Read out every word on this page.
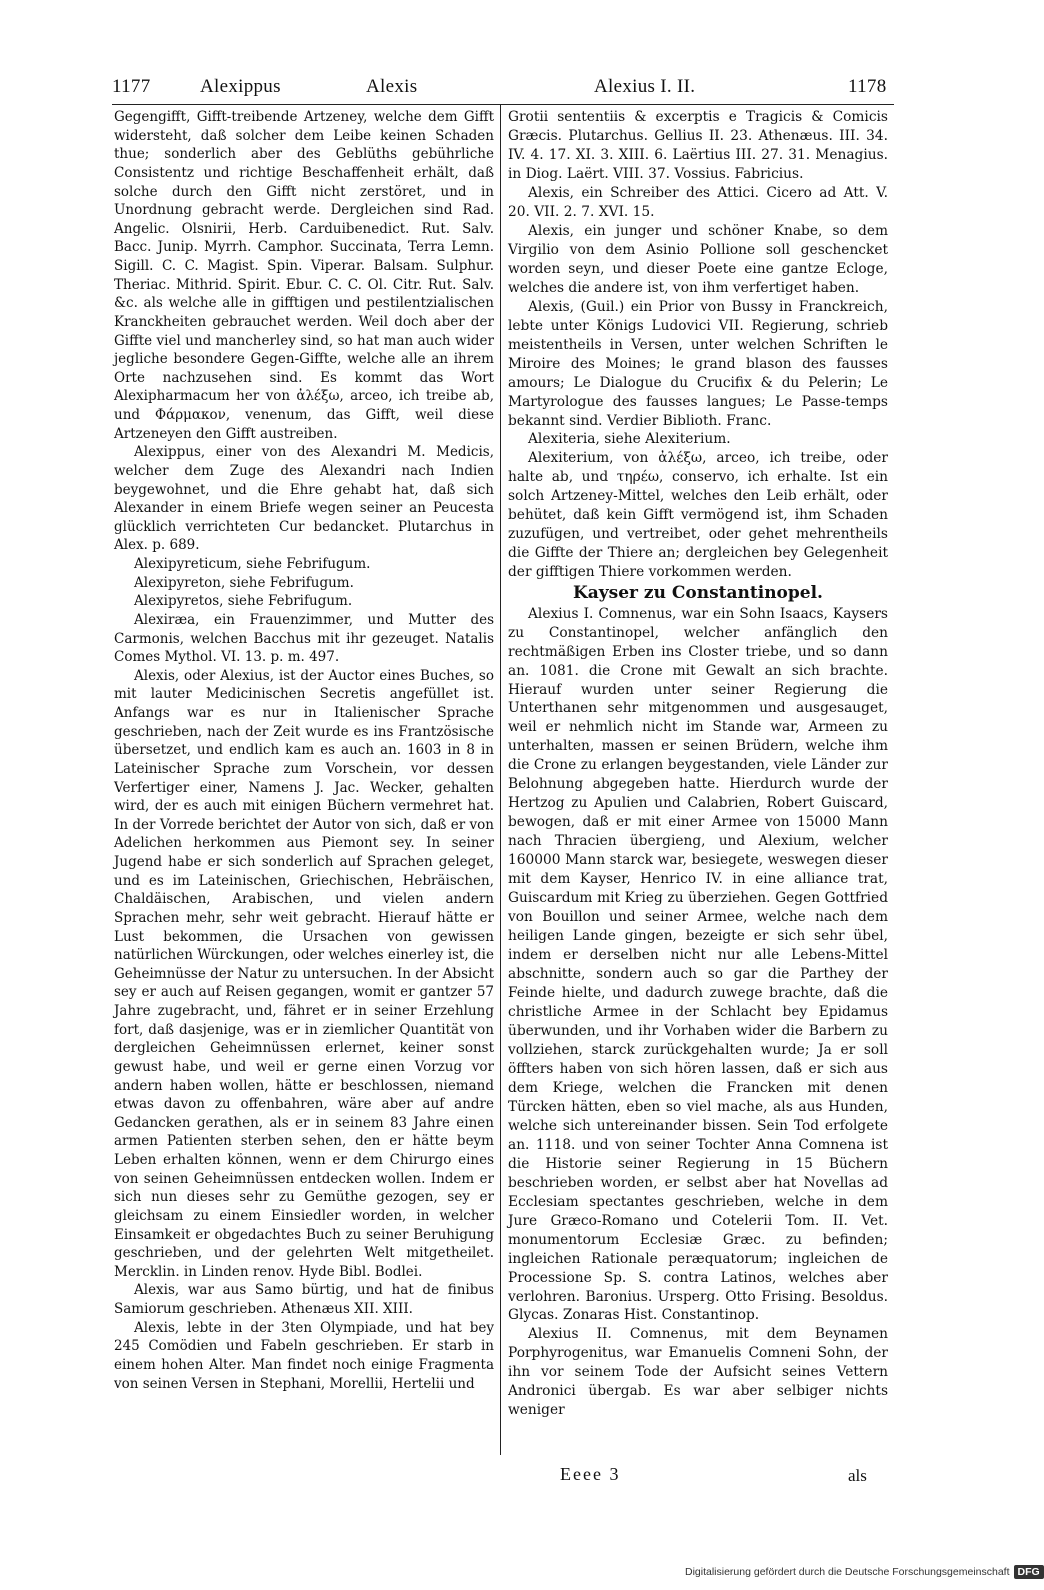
1177	Alexippus	Alexis	Alexius I. II.	1178

Gegengifft, Gifft-treibende Artzeney, welche dem Gifft widersteht, daß solcher dem Leibe keinen Schaden thue; sonderlich aber des Geblüths gebührliche Consistentz und richtige Beschaffenheit erhält, daß solche durch den Gifft nicht zerstöret, und in Unordnung gebracht werde. Dergleichen sind Rad. Angelic. Olsnirii, Herb. Carduibenedict. Rut. Salv. Bacc. Junip. Myrrh. Camphor. Succinata, Terra Lemn. Sigill. C. C. Magist. Spin. Viperar. Balsam. Sulphur. Theriac. Mithrid. Spirit. Ebur. C. C. Ol. Citr. Rut. Salv. &c. als welche alle in gifftigen und pestilentzialischen Kranckheiten gebrauchet werden. Weil doch aber der Giffte viel und mancherley sind, so hat man auch wider jegliche besondere Gegen-Giffte, welche alle an ihrem Orte nachzusehen sind. Es kommt das Wort Alexipharmacum her von ἀλέξω, arceo, ich treibe ab, und Φάρμακον, venenum, das Gifft, weil diese Artzeneyen den Gifft austreiben.

Alexippus, einer von des Alexandri M. Medicis, welcher dem Zuge des Alexandri nach Indien beygewohnet, und die Ehre gehabt hat, daß sich Alexander in einem Briefe wegen seiner an Peucesta glücklich verrichteten Cur bedancket. Plutarchus in Alex. p. 689.

Alexipyreticum, siehe Febrifugum.

Alexipyreton, siehe Febrifugum.

Alexipyretos, siehe Febrifugum.

Alexiræa, ein Frauenzimmer, und Mutter des Carmonis, welchen Bacchus mit ihr gezeuget. Natalis Comes Mythol. VI. 13. p. m. 497.

Alexis, oder Alexius, ist der Auctor eines Buches, so mit lauter Medicinischen Secretis angefüllet ist. Anfangs war es nur in Italienischer Sprache geschrieben, nach der Zeit wurde es ins Frantzösische übersetzet, und endlich kam es auch an. 1603 in 8 in Lateinischer Sprache zum Vorschein, vor dessen Verfertiger einer, Namens J. Jac. Wecker, gehalten wird, der es auch mit einigen Büchern vermehret hat. In der Vorrede berichtet der Autor von sich, daß er von Adelichen herkommen aus Piemont sey. In seiner Jugend habe er sich sonderlich auf Sprachen geleget, und es im Lateinischen, Griechischen, Hebräischen, Chaldäischen, Arabischen, und vielen andern Sprachen mehr, sehr weit gebracht. Hierauf hätte er Lust bekommen, die Ursachen von gewissen natürlichen Würckungen, oder welches einerley ist, die Geheimnüsse der Natur zu untersuchen. In der Absicht sey er auch auf Reisen gegangen, womit er gantzer 57 Jahre zugebracht, und, fähret er in seiner Erzehlung fort, daß dasjenige, was er in ziemlicher Quantität von dergleichen Geheimnüssen erlernet, keiner sonst gewust habe, und weil er gerne einen Vorzug vor andern haben wollen, hätte er beschlossen, niemand etwas davon zu offenbahren, wäre aber auf andre Gedancken gerathen, als er in seinem 83 Jahre einen armen Patienten sterben sehen, den er hätte beym Leben erhalten können, wenn er dem Chirurgo eines von seinen Geheimnüssen entdecken wollen. Indem er sich nun dieses sehr zu Gemüthe gezogen, sey er gleichsam zu einem Einsiedler worden, in welcher Einsamkeit er obgedachtes Buch zu seiner Beruhigung geschrieben, und der gelehrten Welt mitgetheilet. Mercklin. in Linden renov. Hyde Bibl. Bodlei.

Alexis, war aus Samo bürtig, und hat de finibus Samiorum geschrieben. Athenæus XII. XIII.

Alexis, lebte in der 3ten Olympiade, und hat bey 245 Comödien und Fabeln geschrieben. Er starb in einem hohen Alter. Man findet noch einige Fragmenta von seinen Versen in Stephani, Morellii, Hertelii und

Grotii sententiis & excerptis e Tragicis & Comicis Græcis. Plutarchus. Gellius II. 23. Athenæus. III. 34. IV. 4. 17. XI. 3. XIII. 6. Laërtius III. 27. 31. Menagius. in Diog. Laërt. VIII. 37. Vossius. Fabricius.

Alexis, ein Schreiber des Attici. Cicero ad Att. V. 20. VII. 2. 7. XVI. 15.

Alexis, ein junger und schöner Knabe, so dem Virgilio von dem Asinio Pollione soll geschencket worden seyn, und dieser Poete eine gantze Ecloge, welches die andere ist, von ihm verfertiget haben.

Alexis, (Guil.) ein Prior von Bussy in Franckreich, lebte unter Königs Ludovici VII. Regierung, schrieb meistentheils in Versen, unter welchen Schriften le Miroire des Moines; le grand blason des fausses amours; Le Dialogue du Crucifix & du Pelerin; Le Martyrologue des fausses langues; Le Passe-temps bekannt sind. Verdier Biblioth. Franc.

Alexiteria, siehe Alexiterium.

Alexiterium, von ἀλέξω, arceo, ich treibe, oder halte ab, und τηρέω, conservo, ich erhalte. Ist ein solch Artzeney-Mittel, welches den Leib erhält, oder behütet, daß kein Gifft vermögend ist, ihm Schaden zuzufügen, und vertreibet, oder gehet mehrentheils die Giffte der Thiere an; dergleichen bey Gelegenheit der gifftigen Thiere vorkommen werden.

Kayser zu Constantinopel.

Alexius I. Comnenus, war ein Sohn Isaacs, Kaysers zu Constantinopel, welcher anfänglich den rechtmäßigen Erben ins Closter triebe, und so dann an. 1081. die Crone mit Gewalt an sich brachte. Hierauf wurden unter seiner Regierung die Unterthanen sehr mitgenommen und ausgesauget, weil er nehmlich nicht im Stande war, Armeen zu unterhalten, massen er seinen Brüdern, welche ihm die Crone zu erlangen beygestanden, viele Länder zur Belohnung abgegeben hatte. Hierdurch wurde der Hertzog zu Apulien und Calabrien, Robert Guiscard, bewogen, daß er mit einer Armee von 15000 Mann nach Thracien übergieng, und Alexium, welcher 160000 Mann starck war, besiegete, weswegen dieser mit dem Kayser, Henrico IV. in eine alliance trat, Guiscardum mit Krieg zu überziehen. Gegen Gottfried von Bouillon und seiner Armee, welche nach dem heiligen Lande gingen, bezeigte er sich sehr übel, indem er derselben nicht nur alle Lebens-Mittel abschnitte, sondern auch so gar die Parthey der Feinde hielte, und dadurch zuwege brachte, daß die christliche Armee in der Schlacht bey Epidamus überwunden, und ihr Vorhaben wider die Barbern zu vollziehen, starck zurückgehalten wurde; Ja er soll öffters haben von sich hören lassen, daß er sich aus dem Kriege, welchen die Francken mit denen Türcken hätten, eben so viel mache, als aus Hunden, welche sich untereinander bissen. Sein Tod erfolgete an. 1118. und von seiner Tochter Anna Comnena ist die Historie seiner Regierung in 15 Büchern beschrieben worden, er selbst aber hat Novellas ad Ecclesiam spectantes geschrieben, welche in dem Jure Græco-Romano und Cotelerii Tom. II. Vet. monumentorum Ecclesiæ Græc. zu befinden; ingleichen Rationale peræquatorum; ingleichen de Processione Sp. S. contra Latinos, welches aber verlohren. Baronius. Ursperg. Otto Frising. Besoldus. Glycas. Zonaras Hist. Constantinop.

Alexius II. Comnenus, mit dem Beynamen Porphyrogenitus, war Emanuelis Comneni Sohn, der ihn vor seinem Tode der Aufsicht seines Vettern Andronici übergab. Es war aber selbiger nichts weniger

Eeee 3	als
Digitalisierung gefördert durch die Deutsche Forschungsgemeinschaft DFG
